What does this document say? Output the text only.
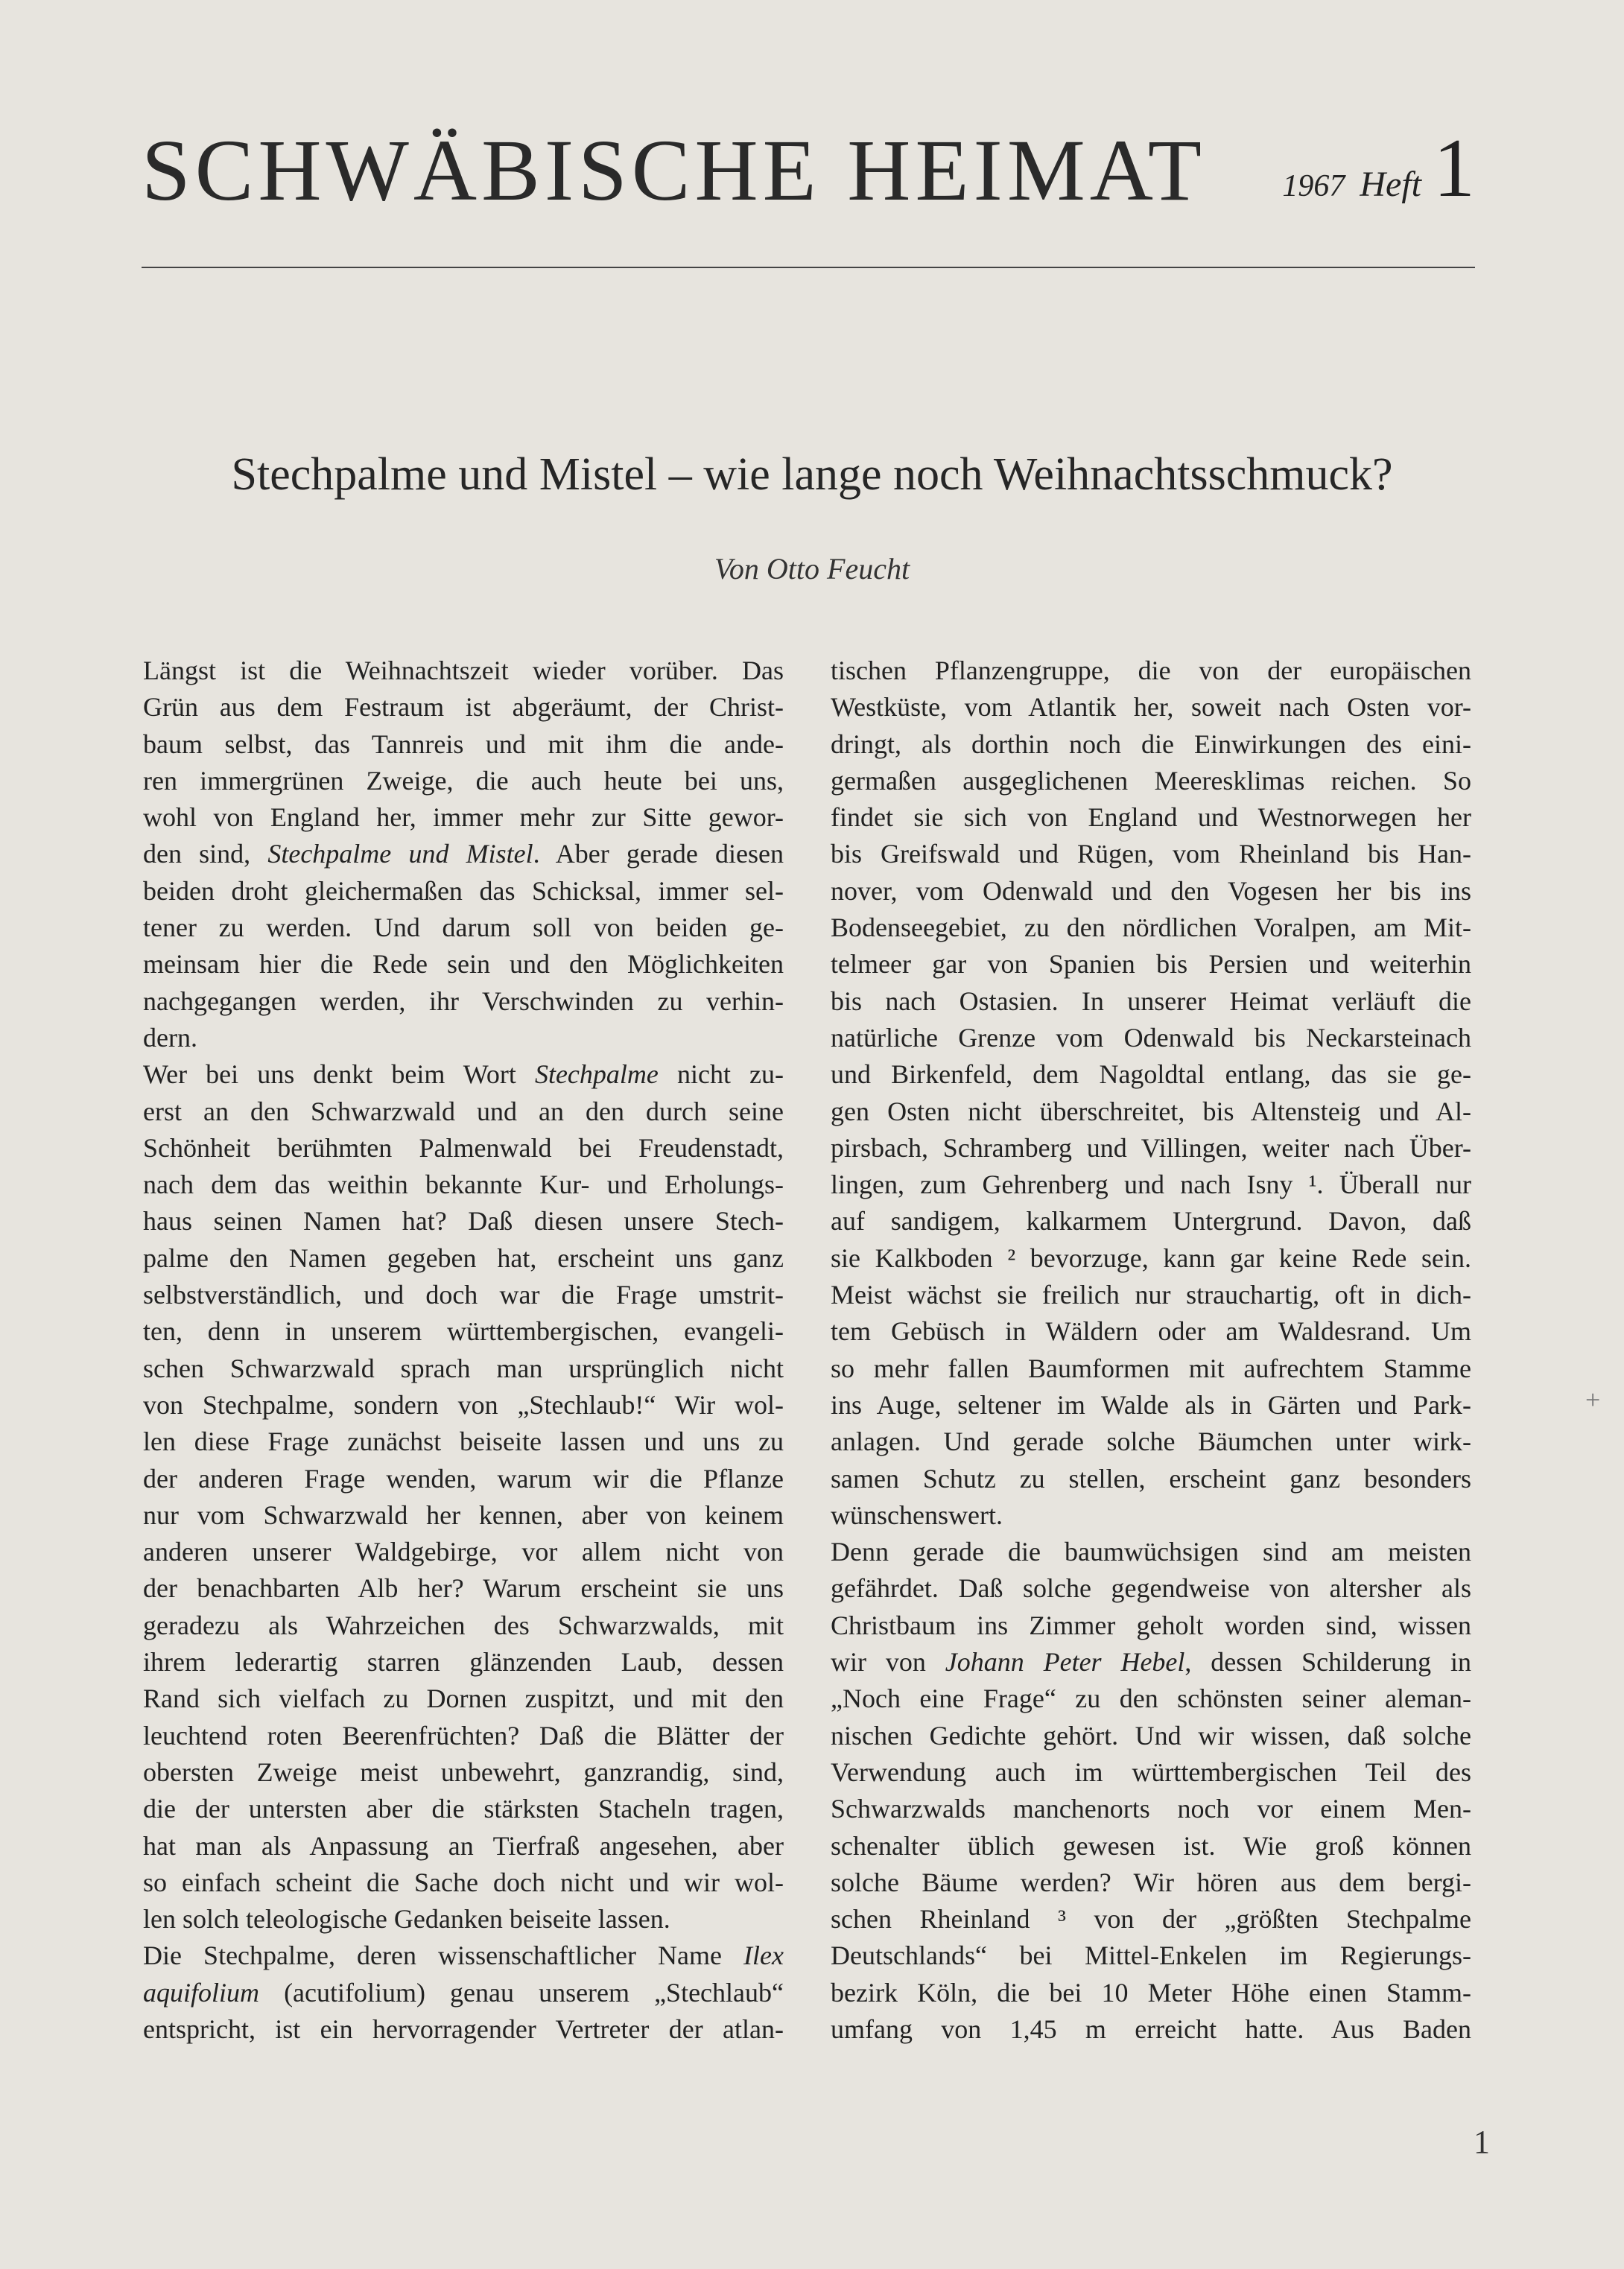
SCHWÄBISCHE HEIMAT 1967 Heft 1
Stechpalme und Mistel – wie lange noch Weihnachtsschmuck?
Von Otto Feucht
Längst ist die Weihnachtszeit wieder vorüber. Das
Grün aus dem Festraum ist abgeräumt, der Christ-
baum selbst, das Tannreis und mit ihm die ande-
ren immergrünen Zweige, die auch heute bei uns,
wohl von England her, immer mehr zur Sitte gewor-
den sind, Stechpalme und Mistel. Aber gerade diesen
beiden droht gleichermaßen das Schicksal, immer sel-
tener zu werden. Und darum soll von beiden ge-
meinsam hier die Rede sein und den Möglichkeiten
nachgegangen werden, ihr Verschwinden zu verhin-
dern.
Wer bei uns denkt beim Wort Stechpalme nicht zu-
erst an den Schwarzwald und an den durch seine
Schönheit berühmten Palmenwald bei Freudenstadt,
nach dem das weithin bekannte Kur- und Erholungs-
haus seinen Namen hat? Daß diesen unsere Stech-
palme den Namen gegeben hat, erscheint uns ganz
selbstverständlich, und doch war die Frage umstrit-
ten, denn in unserem württembergischen, evangeli-
schen Schwarzwald sprach man ursprünglich nicht
von Stechpalme, sondern von „Stechlaub!“ Wir wol-
len diese Frage zunächst beiseite lassen und uns zu
der anderen Frage wenden, warum wir die Pflanze
nur vom Schwarzwald her kennen, aber von keinem
anderen unserer Waldgebirge, vor allem nicht von
der benachbarten Alb her? Warum erscheint sie uns
geradezu als Wahrzeichen des Schwarzwalds, mit
ihrem lederartig starren glänzenden Laub, dessen
Rand sich vielfach zu Dornen zuspitzt, und mit den
leuchtend roten Beerenfrüchten? Daß die Blätter der
obersten Zweige meist unbewehrt, ganzrandig, sind,
die der untersten aber die stärksten Stacheln tragen,
hat man als Anpassung an Tierfraß angesehen, aber
so einfach scheint die Sache doch nicht und wir wol-
len solch teleologische Gedanken beiseite lassen.
Die Stechpalme, deren wissenschaftlicher Name Ilex
aquifolium (acutifolium) genau unserem „Stechlaub“
entspricht, ist ein hervorragender Vertreter der atlan-
tischen Pflanzengruppe, die von der europäischen
Westküste, vom Atlantik her, soweit nach Osten vor-
dringt, als dorthin noch die Einwirkungen des eini-
germaßen ausgeglichenen Meeresklimas reichen. So
findet sie sich von England und Westnorwegen her
bis Greifswald und Rügen, vom Rheinland bis Han-
nover, vom Odenwald und den Vogesen her bis ins
Bodenseegebiet, zu den nördlichen Voralpen, am Mit-
telmeer gar von Spanien bis Persien und weiterhin
bis nach Ostasien. In unserer Heimat verläuft die
natürliche Grenze vom Odenwald bis Neckarsteinach
und Birkenfeld, dem Nagoldtal entlang, das sie ge-
gen Osten nicht überschreitet, bis Altensteig und Al-
pirsbach, Schramberg und Villingen, weiter nach Über-
lingen, zum Gehrenberg und nach Isny ¹. Überall nur
auf sandigem, kalkarmem Untergrund. Davon, daß
sie Kalkboden ² bevorzuge, kann gar keine Rede sein.
Meist wächst sie freilich nur strauchartig, oft in dich-
tem Gebüsch in Wäldern oder am Waldesrand. Um
so mehr fallen Baumformen mit aufrechtem Stamme
ins Auge, seltener im Walde als in Gärten und Park-
anlagen. Und gerade solche Bäumchen unter wirk-
samen Schutz zu stellen, erscheint ganz besonders
wünschenswert.
Denn gerade die baumwüchsigen sind am meisten
gefährdet. Daß solche gegendweise von altersher als
Christbaum ins Zimmer geholt worden sind, wissen
wir von Johann Peter Hebel, dessen Schilderung in
„Noch eine Frage“ zu den schönsten seiner aleman-
nischen Gedichte gehört. Und wir wissen, daß solche
Verwendung auch im württembergischen Teil des
Schwarzwalds manchenorts noch vor einem Men-
schenalter üblich gewesen ist. Wie groß können
solche Bäume werden? Wir hören aus dem bergi-
schen Rheinland ³ von der „größten Stechpalme
Deutschlands“ bei Mittel-Enkelen im Regierungs-
bezirk Köln, die bei 10 Meter Höhe einen Stamm-
umfang von 1,45 m erreicht hatte. Aus Baden
1
+
